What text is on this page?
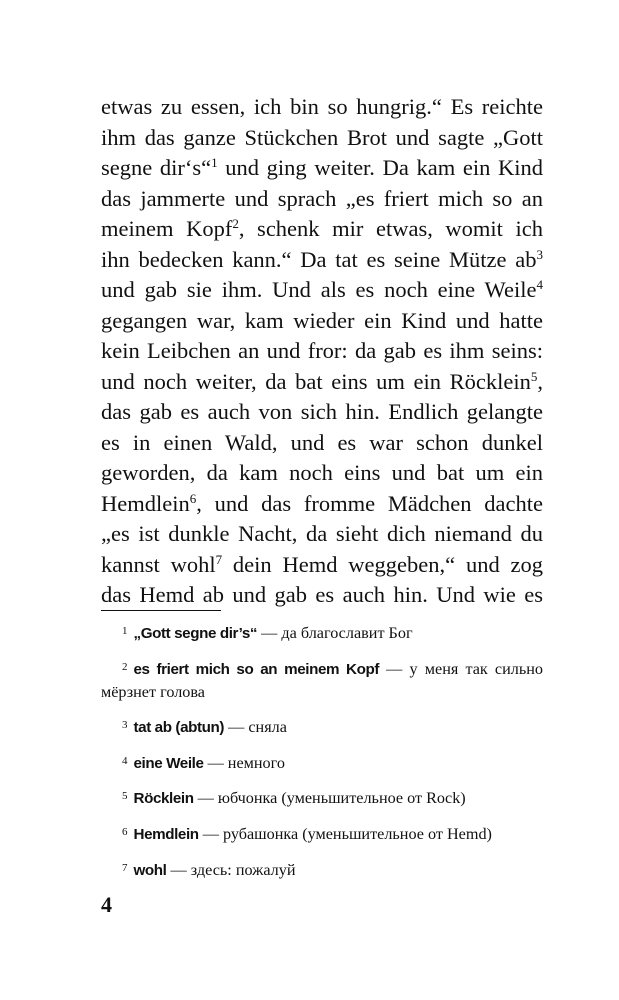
etwas zu essen, ich bin so hungrig.“ Es reichte
ihm das ganze Stückchen Brot und sagte „Gott
segne dir‘s“$^1$ und ging weiter. Da kam ein Kind
das jammerte und sprach „es friert mich so an
meinem Kopf$^2$, schenk mir etwas, womit ich
ihn bedecken kann.“ Da tat es seine Mütze $ab^3$
und gab sie ihm. Und als es noch eine Weile$^4$
gegangen war, kam wieder ein Kind und hatte
kein Leibchen an und fror: da gab es ihm seins:
und noch weiter, da bat eins um ein Röcklein$^5$,
das gab es auch von sich hin. Endlich gelangte
es in einen Wald, und es war schon dunkel
geworden, da kam noch eins und bat um ein
Hemdlein$^6$, und das fromme Mädchen dachte
„es ist dunkle Nacht, da sieht dich niemand du
kannst wohl$^7$ dein Hemd weggeben,“ und zog
das Hemd ab und gab es auch hin. Und wie es

$^1$ „Gott segne dir’s“ — да благославит Бог

$^2$ es friert mich so an meinem Kopf — у меня так сильно мёрзнет голова

$^3$ tat ab (abtun) — сняла

$^4$ eine Weile — немного

$^5$ Röcklein — юбчонка (уменьшительное от Rock)

$^6$ Hemdlein — рубашонка (уменьшительное от Hemd)

$^7$ wohl — здесь: пожалуй

4
